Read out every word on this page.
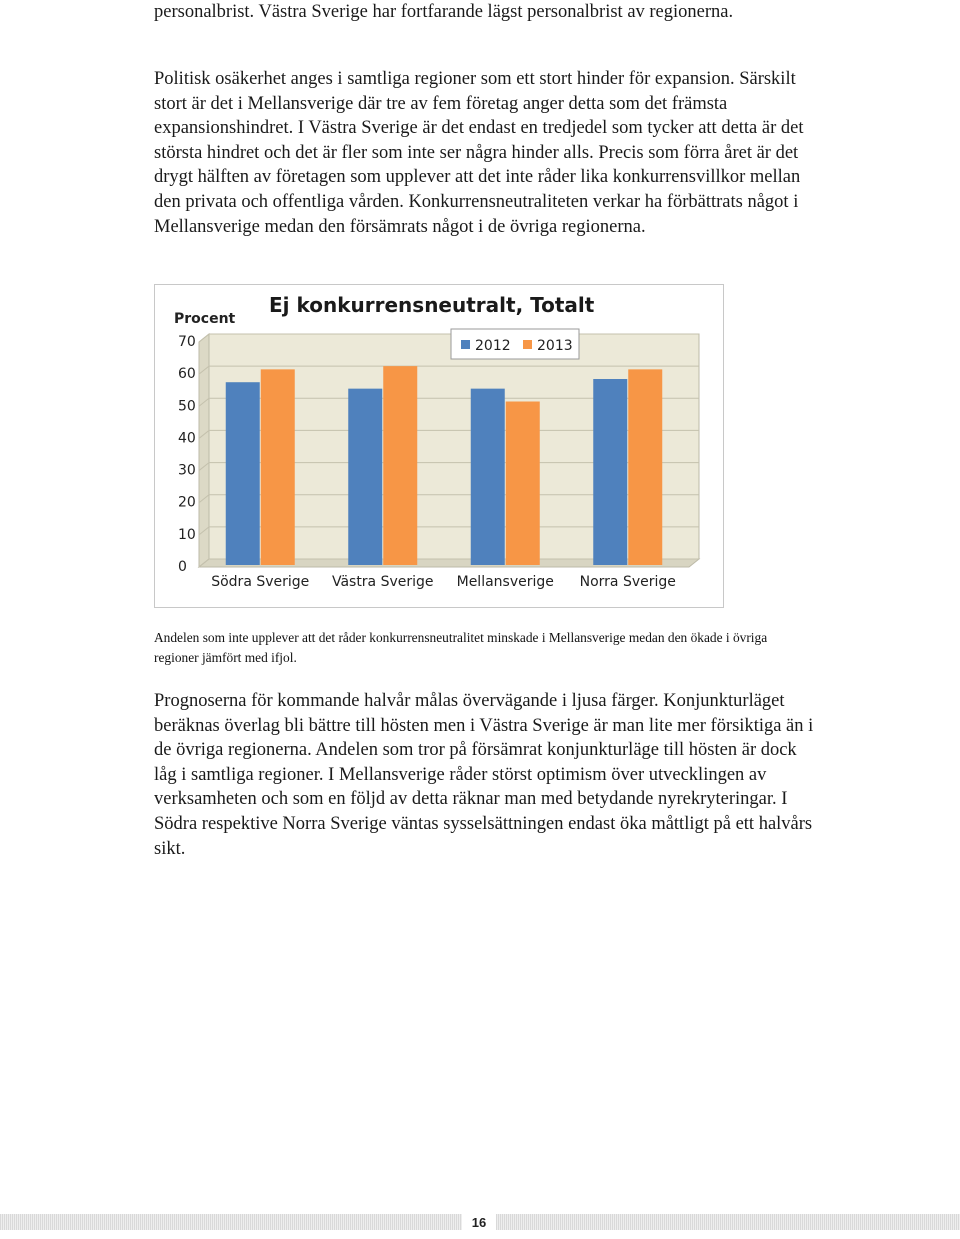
personalbrist. Västra Sverige har fortfarande lägst personalbrist av regionerna.

Politisk osäkerhet anges i samtliga regioner som ett stort hinder för expansion. Särskilt stort är det i Mellansverige där tre av fem företag anger detta som det främsta expansionshindret. I Västra Sverige är det endast en tredjedel som tycker att detta är det största hindret och det är fler som inte ser några hinder alls. Precis som förra året är det drygt hälften av företagen som upplever att det inte råder lika konkurrensvillkor mellan den privata och offentliga vården. Konkurrensneutraliteten verkar ha förbättrats något i Mellansverige medan den försämrats något i de övriga regionerna.

0
10
20
30
40
50
60
70
Procent
Ej konkurrensneutralt, Totalt
Södra Sverige Västra Sverige Mellansverige Norra Sverige
2012 2013

Andelen som inte upplever att det råder konkurrensneutralitet minskade i Mellansverige medan den ökade i övriga regioner jämfört med ifjol.

Prognoserna för kommande halvår målas övervägande i ljusa färger. Konjunkturläget beräknas överlag bli bättre till hösten men i Västra Sverige är man lite mer försiktiga än i de övriga regionerna. Andelen som tror på försämrat konjunkturläge till hösten är dock låg i samtliga regioner. I Mellansverige råder störst optimism över utvecklingen av verksamheten och som en följd av detta räknar man med betydande nyrekryteringar. I Södra respektive Norra Sverige väntas sysselsättningen endast öka måttligt på ett halvårs sikt.

16
